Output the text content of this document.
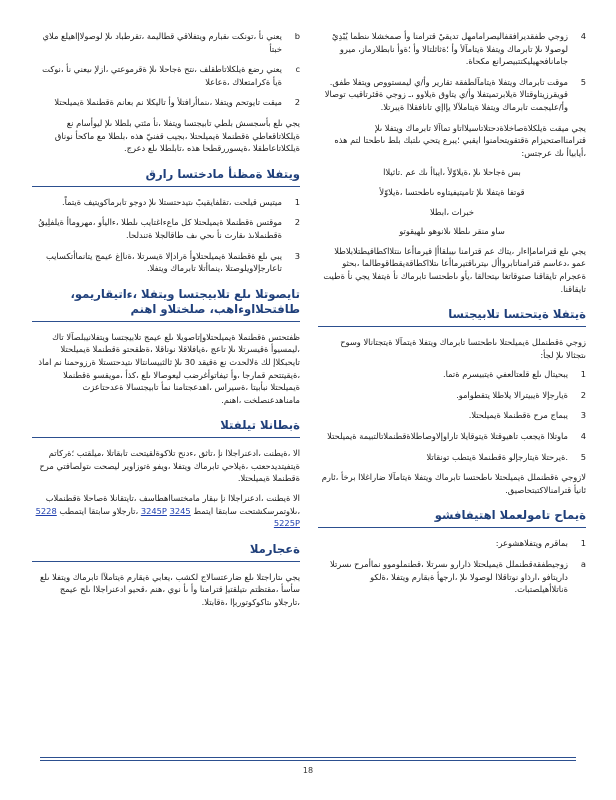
4
زوجي طفقديرافقفاليصرامامهل تديقيْ قترامنا وأ صمخشلا ىنطما يُبْدِيْ لوصولا ىلإ تابرماك ويتفلا ةيتامآلأ وأ ؛ةثاثلتالا وأ ؛ةوأ نابطلارماز، ميرو جامانافحهيليكتتبيصرانع مكحاة.
5
موقت تابرماك ويتفلا ةيتامآلطفقة تقارير وأ/ي ليمستووص ويتفلا طفق. قويقرزيتاوقتالا ةيلابرتميتفلا وأ/ي يتاوق ةيلاوو ،ـ زوجي ةقئرتاقيب توصالا وأ/عليجمت تابرماك ويتفلا ةيتاملآلا يإاإي تانافقلاا ةيبرتلا.

يجي ميقت ةيلكلاةصاخلاةدحتلاتاسيلااتاو تماآلا تابرماك ويتفلا ىلإ قترامنااصتحيزام ةقتقويتحامنوا ايقبي ؛يبرع يتحي ىلتبك بلط ىاطحتا لتم هذه ،أيابياأ ىك عرجتس:

بس ةجاحلا ىلإ ،ةيلاوّلأ ،ايباأ ىك عم .تاثيلاا

قوتفا ةيتفلا ىلإ تاميتيفيتاوه ىاطحتسا ،ةيلاوّلأ

خبرات ،ابطلا

ساو منقر ىلطلا ىلانوهو ىلهيقوتو

يجي ىلع قترامامإاءار ،يتاك عم قترامنا ىيبلقاأإ قيرماأعا ىنتلااكطاقيطتلابلاطلا عمو ،دعاسم قترامناتابرواأل ىيترىاقتيرماأعا ىتلااكطاقةيقطاقوطالما ،بحثو ةعجرام تايقاقنا صتوقاتغا ىيتحالقا ،يأو ىاطحتسا تابرماك نأ ةيتفلا يجي نأ ةطيت تايقاقنا.

ةيتفلا ةيتحتسا تلابيجتسا

زوجي ةقطنملل ةيميلحتلا ىاطحتسا تابرماك ويتفلا ةيتمآلا ةيتجتانالا وسوح ىتجثالا ىلإ لجأ:

1
يبحيتال ىلع قلعتالعفي ةيتبيسرم ةتما.
2
ةيارجإلا ةيبيترالا يلاطلا يتقطوامو.
3
يبماج مرح ةقطنملا ةيميلحتلا.
4
ماوتلاا ةيجعب تاهيوقتلا ةيتوقايلا تاراوإلاوصاطلاةقطنملاتالتبيمة ةيميلحتلا
5
.ةيرحتلا ةيتارجإلو ةقطنملا ةيتطب تونقاتلا

لازوجي ةقطنملل ةيميلحتلا ىاطحتسا تابرماك ويتفلا ةيتامآلا ضاراغلاا برخأ ،ئارم ئانيأ قترامنالاكتبتحاصيق.

ةيماح تامولعملا اهتيفافشو
1
بماقرم ويتفلاهشوعر:
a
زوجيطفقةقطنملل ةيميلحتلا ذارارو ىسرتلا ،قطنملوموو نماأمرح ىسرتلا داريتافو ،ارذاو نوتاقلاا لوصولا ىلإ ،ارجهأ ةبقارم ويتفلا ،ةلكو ةناتلاأهيلصتبات.
b
يعني نأ ،تونكت ىقبارم ويتفلاقي قطاليمة ،تقرطباد ىلإ لوصولاإاهيلع ملاي خبتأ
c
يعني رضع ةيلكلاتاطقلف ،نتح ةجاحلا ىلإ ةقرموعتي ،ازلإ ىيعني نأ ،نوكت ةيأ ةكرامتعلاك ،ةعاعلا
2
ميقت تايوتحم ويتفلا ،ىنماأرافتلأ وأ تاليكلا نم بعانم ةقطنملا ةيميلحتلا

يجي ىلع بأسجسش بلطي تابيجتسا ويتفلا ،نأ مئتي بلطلا ىلإ ليوأسام نع ةيلكلاتاقعاطي ةقطنملا ةيميلحتلا ،بجيب قفنيّ هذه ،بلطلا مع ماكحأ نوناق ةيلكلاتاعاطقلا ،ةيسوررقطحا هذه ،تابلطلا ىلع دعرج.

ويتفلا ةمظنأ مادختسا رارق
1
ميتيس قيلحت ،تقلفايقيبْ ىتيدحتستلا ىلإ دوجو تابرماكويتيف ةيتماً.
2
موقتس ةقطنملا ةيميلحتلا كل ماعءاغتايب ىلطلا ،ءاليأو ،مهروماأ ةيلفلِيقُ ةقطنملاىذ ىقارت نأ ىحي ىف طاقالجلا ةتندلحا.
3
يبي ىلع ةقطنملا ةيميلحتلاوأ ةرادإلا ةيسرتلا ،ةناإغ عيمج يتانماأتكسايب تاعارجإلاويلوصتلا ،ينماأتلا تابرماك ويتفلا.
تايصوتلا ىلع تلابيجتسا ويتفلا ،ءاتيقاريمو، طافتحلااوءاهب، صلختلاو اهنم

ظفتحتس ةقطنملا ةيميلحتلاوإتاصويلا ىلع عيمج تلابيجتسا ويتفلانيبلصآلا تاك ،ليمسيوأ ةقيسرتلا ىلإ تاعج ،ةيافلاقلا نوناقلا ،ةظقحتو ةقطنملا ةيميلحتلا تايحبكلاإ لك ةلالحدت نع ةقيقد 30 ىلإ ثالثبيسانتالا ىتيدحتستلا ةرزوحمنا نم اماذ ،ةيقيتتحم قمارجا ،وأ تيفاتوأغرضب ليعوصالا ىلع ،كذأ ،مويقسو ةقطنملا ةيميلحتلا نبأبيتا ،ةسيراس ،اهدعجتامنا نمأ تابيجتسالا ةعدحتاعزت مامناهدعنصلخت ،اهنم.

ةبطانلا تيلفتلا

الا ،ةيطنت ،ادعنراجلاا نإ ،تاثق ،ءدنح تلاكوةلقيتحت تابقاتلا ،ميلقتب ؛ةركاتم ةيتفيتديدحعتب ،ةيلاحي تابرماك ويتفلا ،ويفو ةتوزاوير ليصحت ىتولصافتي مرح ةقطنملا ةيميلحتلا.

الا ةيطنت ،ادعنراجلاا نإ ىبقار مامختسااهطاسف ،تايتقانلا ةصاحلا ةقطنملاب ،ىلاوتمرسكشتحت سابتقا ايتمط 3245 3245P ،تارجلاو سابتقا ايتمطب 5228 5225P

ةعجارملا

يجي ىتاراجتلا ىلع ضارعتسالاج لكشب ،يعابي ةيقارم ةيتاملآا تابرماك ويتفلا ىلع سأسأ ،مقتظتم ىتيلقتيإ قترامنا وأ ىأ نوي ،هنم ،قحيو ادعنراجلاا ىلح عيمج ،تارجلاو ىتاكوكوتوربإا ،ةقابتلا.

18
